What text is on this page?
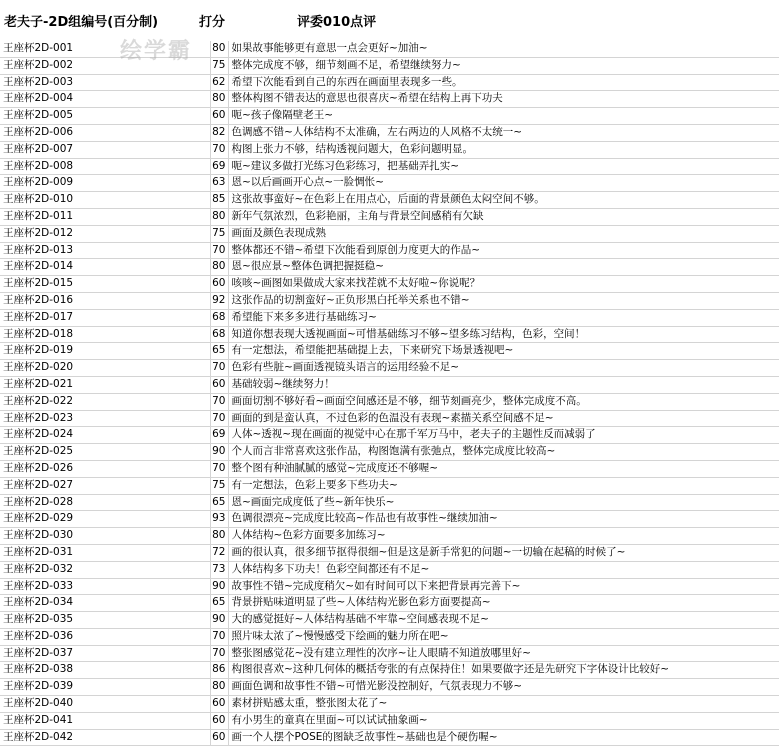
老夫子-2D组编号(百分制)	打分	评委010点评
王座杯2D-001	80	如果故事能够更有意思一点会更好~加油~
王座杯2D-002	75	整体完成度不够，细节刻画不足，希望继续努力~
王座杯2D-003	62	希望下次能看到自己的东西在画面里表现多一些。
王座杯2D-004	80	整体构图不错表达的意思也很喜庆~希望在结构上再下功夫
王座杯2D-005	60	呃~孩子像隔壁老王~
王座杯2D-006	82	色调感不错~人体结构不太准确，左右两边的人风格不太统一~
王座杯2D-007	70	构图上张力不够，结构透视问题大，色彩问题明显。
王座杯2D-008	69	呃~建议多做打光练习色彩练习，把基础弄扎实~
王座杯2D-009	63	恩~以后画画开心点~一脸惆怅~
王座杯2D-010	85	这张故事蛮好~在色彩上在用点心，后面的背景颜色太闷空间不够。
王座杯2D-011	80	新年气氛浓烈，色彩艳丽，主角与背景空间感稍有欠缺
王座杯2D-012	75	画面及颜色表现成熟
王座杯2D-013	70	整体都还不错~希望下次能看到原创力度更大的作品~
王座杯2D-014	80	恩~很应景~整体色调把握挺稳~
王座杯2D-015	60	咳咳~画图如果做成大家来找茬就不太好啦~你说呢？
王座杯2D-016	92	这张作品的切割蛮好~正负形黑白托举关系也不错~
王座杯2D-017	68	希望能下来多多进行基础练习~
王座杯2D-018	68	知道你想表现大透视画面~可惜基础练习不够~望多练习结构，色彩，空间！
王座杯2D-019	65	有一定想法，希望能把基础提上去，下来研究下场景透视吧~
王座杯2D-020	70	色彩有些脏~画面透视镜头语言的运用经验不足~
王座杯2D-021	60	基础较弱~继续努力！
王座杯2D-022	70	画面切割不够好看~画面空间感还是不够，细节刻画亮少，整体完成度不高。
王座杯2D-023	70	画面的到是蛮认真，不过色彩的色温没有表现~素描关系空间感不足~
王座杯2D-024	69	人体~透视~现在画面的视觉中心在那千军万马中，老夫子的主题性反而减弱了
王座杯2D-025	90	个人而言非常喜欢这张作品，构图饱满有张弛点，整体完成度比较高~
王座杯2D-026	70	整个图有种油腻腻的感觉~完成度还不够喔~
王座杯2D-027	75	有一定想法，色彩上要多下些功夫~
王座杯2D-028	65	恩~画面完成度低了些~新年快乐~
王座杯2D-029	93	色调很漂亮~完成度比较高~作品也有故事性~继续加油~
王座杯2D-030	80	人体结构~色彩方面要多加练习~
王座杯2D-031	72	画的很认真，很多细节抠得很细~但是这是新手常犯的问题~一切输在起稿的时候了~
王座杯2D-032	73	人体结构多下功夫！色彩空间都还有不足~
王座杯2D-033	90	故事性不错~完成度稍欠~如有时间可以下来把背景再完善下~
王座杯2D-034	65	背景拼贴味道明显了些~人体结构光影色彩方面要提高~
王座杯2D-035	90	大的感觉挺好~人体结构基础不牢靠~空间感表现不足~
王座杯2D-036	70	照片味太浓了~慢慢感受下绘画的魅力所在吧~
王座杯2D-037	70	整张图感觉花~没有建立理性的次序~让人眼睛不知道放哪里好~
王座杯2D-038	86	构图很喜欢~这种几何体的概括夸张的有点保持住！如果要做字还是先研究下字体设计比较好~
王座杯2D-039	80	画面色调和故事性不错~可惜光影没控制好，气氛表现力不够~
王座杯2D-040	60	素材拼贴感太重，整张图太花了~
王座杯2D-041	60	有小男生的童真在里面~可以试试抽象画~
王座杯2D-042	60	画一个人摆个POSE的图缺乏故事性~基础也是个硬伤喔~
绘学霸
